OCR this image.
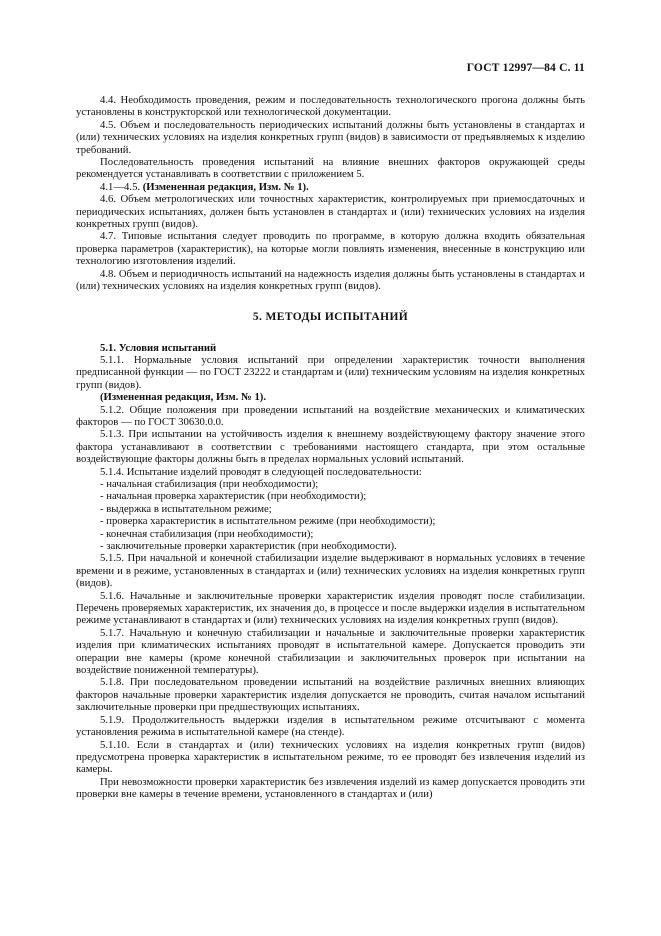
ГОСТ 12997—84 С. 11

4.4. Необходимость проведения, режим и последовательность технологического прогона должны быть установлены в конструкторской или технологической документации.

4.5. Объем и последовательность периодических испытаний должны быть установлены в стандартах и (или) технических условиях на изделия конкретных групп (видов) в зависимости от предъявляемых к изделию требований.

Последовательность проведения испытаний на влияние внешних факторов окружающей среды рекомендуется устанавливать в соответствии с приложением 5.

4.1—4.5. (Измененная редакция, Изм. № 1).

4.6. Объем метрологических или точностных характеристик, контролируемых при приемосдаточных и периодических испытаниях, должен быть установлен в стандартах и (или) технических условиях на изделия конкретных групп (видов).

4.7. Типовые испытания следует проводить по программе, в которую должна входить обязательная проверка параметров (характеристик), на которые могли повлиять изменения, внесенные в конструкцию или технологию изготовления изделий.

4.8. Объем и периодичность испытаний на надежность изделия должны быть установлены в стандартах и (или) технических условиях на изделия конкретных групп (видов).

5. МЕТОДЫ ИСПЫТАНИЙ

5.1. Условия испытаний

5.1.1. Нормальные условия испытаний при определении характеристик точности выполнения предписанной функции — по ГОСТ 23222 и стандартам и (или) техническим условиям на изделия конкретных групп (видов).

(Измененная редакция, Изм. № 1).

5.1.2. Общие положения при проведении испытаний на воздействие механических и климатических факторов — по ГОСТ 30630.0.0.

5.1.3. При испытании на устойчивость изделия к внешнему воздействующему фактору значение этого фактора устанавливают в соответствии с требованиями настоящего стандарта, при этом остальные воздействующие факторы должны быть в пределах нормальных условий испытаний.

5.1.4. Испытание изделий проводят в следующей последовательности:

- начальная стабилизация (при необходимости);

- начальная проверка характеристик (при необходимости);

- выдержка в испытательном режиме;

- проверка характеристик в испытательном режиме (при необходимости);

- конечная стабилизация (при необходимости);

- заключительные проверки характеристик (при необходимости).

5.1.5. При начальной и конечной стабилизации изделие выдерживают в нормальных условиях в течение времени и в режиме, установленных в стандартах и (или) технических условиях на изделия конкретных групп (видов).

5.1.6. Начальные и заключительные проверки характеристик изделия проводят после стабилизации. Перечень проверяемых характеристик, их значения до, в процессе и после выдержки изделия в испытательном режиме устанавливают в стандартах и (или) технических условиях на изделия конкретных групп (видов).

5.1.7. Начальную и конечную стабилизации и начальные и заключительные проверки характеристик изделия при климатических испытаниях проводят в испытательной камере. Допускается проводить эти операции вне камеры (кроме конечной стабилизации и заключительных проверок при испытании на воздействие пониженной температуры).

5.1.8. При последовательном проведении испытаний на воздействие различных внешних влияющих факторов начальные проверки характеристик изделия допускается не проводить, считая началом испытаний заключительные проверки при предшествующих испытаниях.

5.1.9. Продолжительность выдержки изделия в испытательном режиме отсчитывают с момента установления режима в испытательной камере (на стенде).

5.1.10. Если в стандартах и (или) технических условиях на изделия конкретных групп (видов) предусмотрена проверка характеристик в испытательном режиме, то ее проводят без извлечения изделий из камеры.

При невозможности проверки характеристик без извлечения изделий из камер допускается проводить эти проверки вне камеры в течение времени, установленного в стандартах и (или)
